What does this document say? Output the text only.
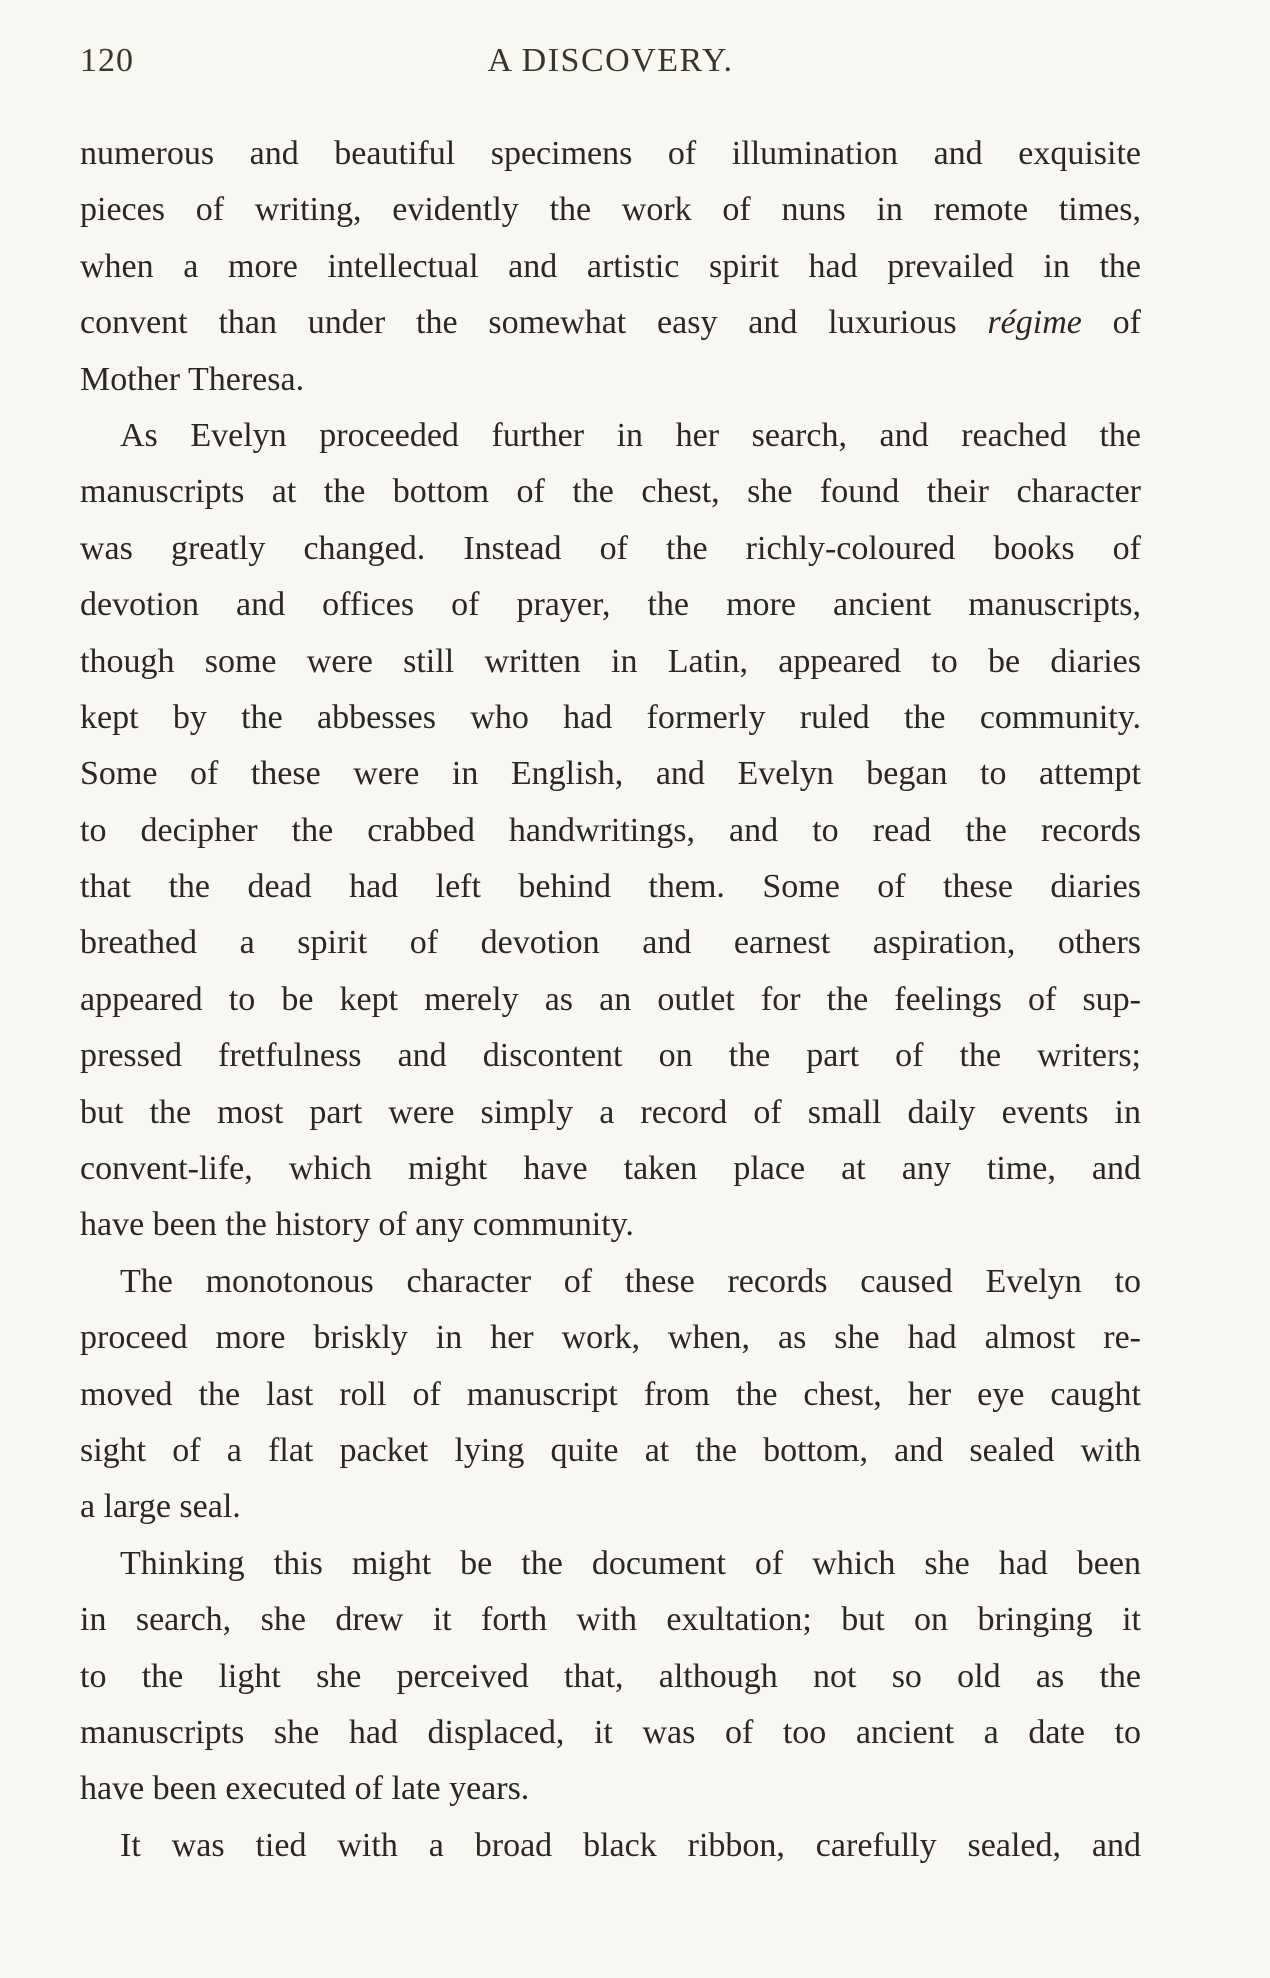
120	A DISCOVERY.
numerous and beautiful specimens of illumination and exquisite
pieces of writing, evidently the work of nuns in remote times,
when a more intellectual and artistic spirit had prevailed in the
convent than under the somewhat easy and luxurious régime of
Mother Theresa.
As Evelyn proceeded further in her search, and reached the
manuscripts at the bottom of the chest, she found their character
was greatly changed. Instead of the richly-coloured books of
devotion and offices of prayer, the more ancient manuscripts,
though some were still written in Latin, appeared to be diaries
kept by the abbesses who had formerly ruled the community.
Some of these were in English, and Evelyn began to attempt
to decipher the crabbed handwritings, and to read the records
that the dead had left behind them. Some of these diaries
breathed a spirit of devotion and earnest aspiration, others
appeared to be kept merely as an outlet for the feelings of sup-
pressed fretfulness and discontent on the part of the writers;
but the most part were simply a record of small daily events in
convent-life, which might have taken place at any time, and
have been the history of any community.
The monotonous character of these records caused Evelyn to
proceed more briskly in her work, when, as she had almost re-
moved the last roll of manuscript from the chest, her eye caught
sight of a flat packet lying quite at the bottom, and sealed with
a large seal.
Thinking this might be the document of which she had been
in search, she drew it forth with exultation; but on bringing it
to the light she perceived that, although not so old as the
manuscripts she had displaced, it was of too ancient a date to
have been executed of late years.
It was tied with a broad black ribbon, carefully sealed, and
